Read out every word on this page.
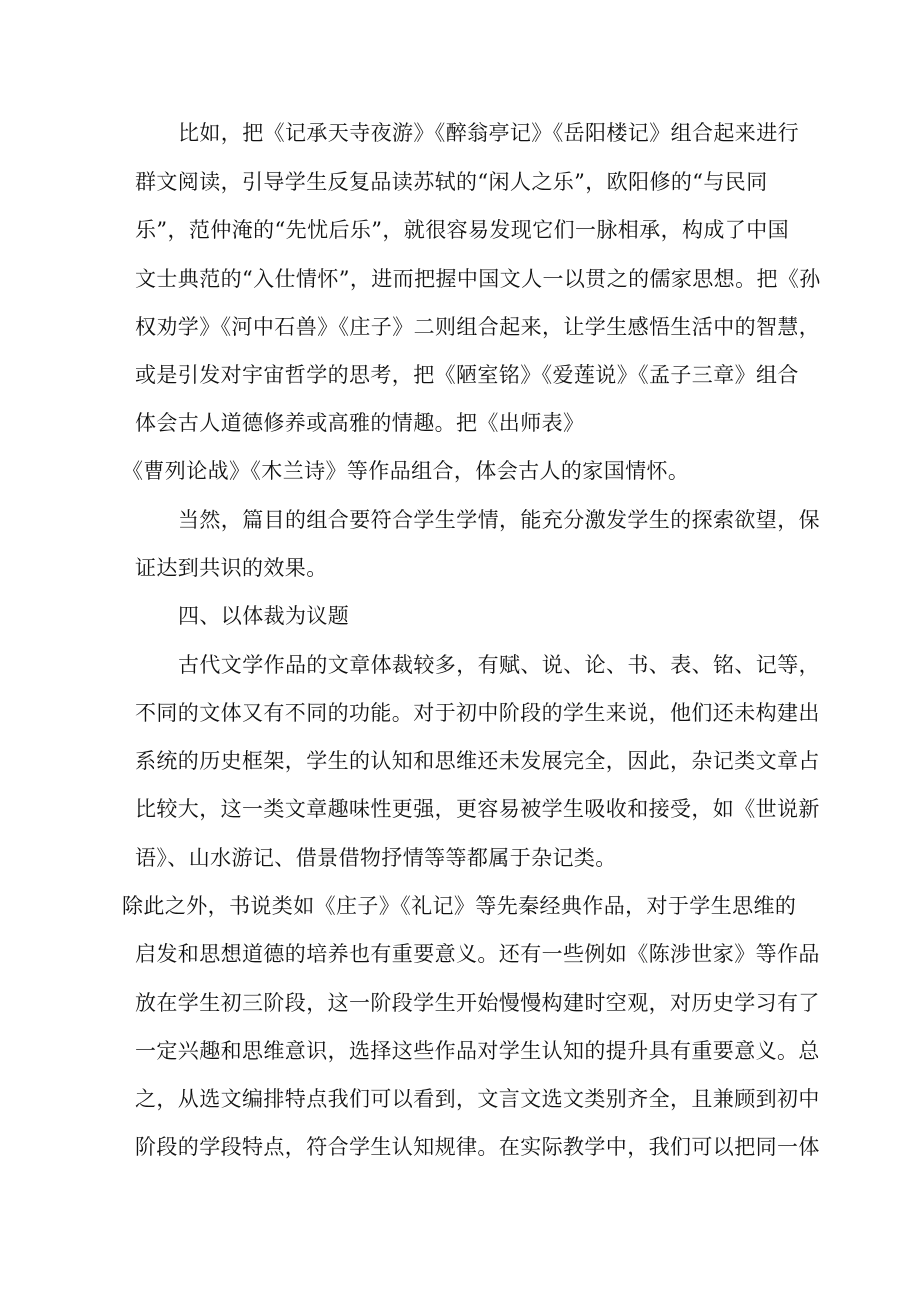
比如，把《记承天寺夜游》《醉翁亭记》《岳阳楼记》组合起来进行
群文阅读，引导学生反复品读苏轼的“闲人之乐”，欧阳修的“与民同
乐”，范仲淹的“先忧后乐”，就很容易发现它们一脉相承，构成了中国
文士典范的“入仕情怀”，进而把握中国文人一以贯之的儒家思想。把《孙
权劝学》《河中石兽》《庄子》二则组合起来，让学生感悟生活中的智慧，
或是引发对宇宙哲学的思考，把《陋室铭》《爱莲说》《孟子三章》组合
体会古人道德修养或高雅的情趣。把《出师表》
《曹列论战》《木兰诗》等作品组合，体会古人的家国情怀。
当然，篇目的组合要符合学生学情，能充分激发学生的探索欲望，保
证达到共识的效果。
四、以体裁为议题
古代文学作品的文章体裁较多，有赋、说、论、书、表、铭、记等，
不同的文体又有不同的功能。对于初中阶段的学生来说，他们还未构建出
系统的历史框架，学生的认知和思维还未发展完全，因此，杂记类文章占
比较大，这一类文章趣味性更强，更容易被学生吸收和接受，如《世说新
语》、山水游记、借景借物抒情等等都属于杂记类。
除此之外，书说类如《庄子》《礼记》等先秦经典作品，对于学生思维的
启发和思想道德的培养也有重要意义。还有一些例如《陈涉世家》等作品
放在学生初三阶段，这一阶段学生开始慢慢构建时空观，对历史学习有了
一定兴趣和思维意识，选择这些作品对学生认知的提升具有重要意义。总
之，从选文编排特点我们可以看到，文言文选文类别齐全，且兼顾到初中
阶段的学段特点，符合学生认知规律。在实际教学中，我们可以把同一体
